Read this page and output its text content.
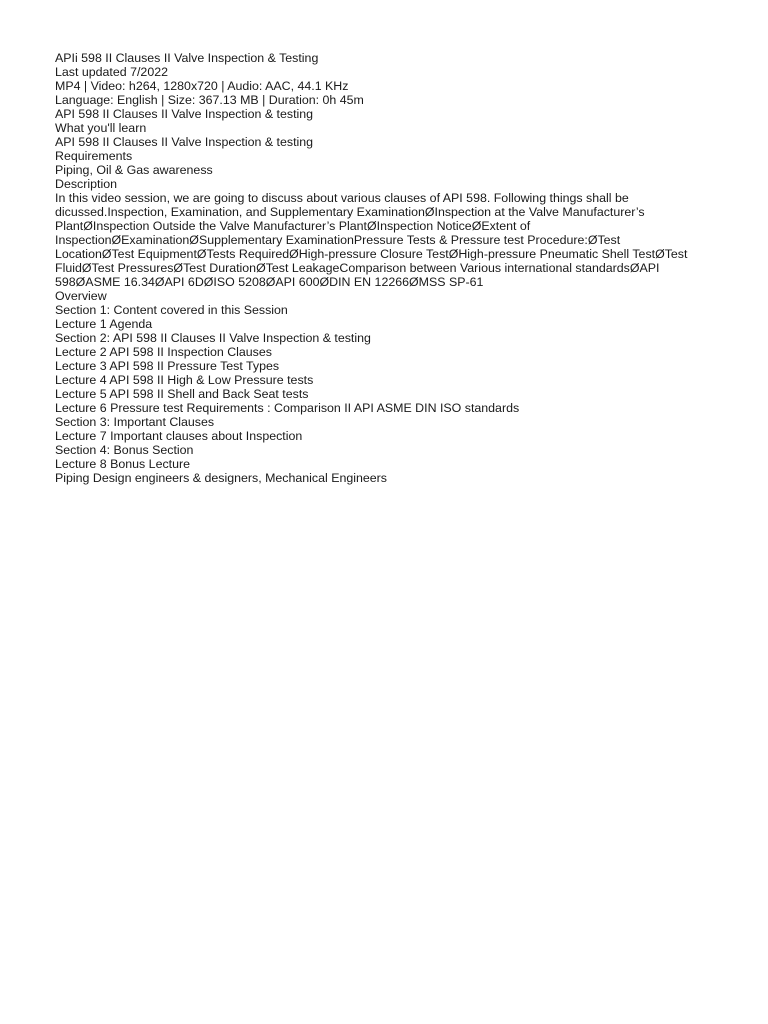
APIi 598 II Clauses II Valve Inspection & Testing
Last updated 7/2022
MP4 | Video: h264, 1280x720 | Audio: AAC, 44.1 KHz
Language: English | Size: 367.13 MB | Duration: 0h 45m
API 598 II Clauses II Valve Inspection & testing
What you'll learn
API 598 II Clauses II Valve Inspection & testing
Requirements
Piping, Oil & Gas awareness
Description
In this video session, we are going to discuss about various clauses of API 598. Following things shall be
dicussed.Inspection, Examination, and Supplementary ExaminationØInspection at the Valve Manufacturer’s
PlantØInspection Outside the Valve Manufacturer’s PlantØInspection NoticeØExtent of
InspectionØExaminationØSupplementary ExaminationPressure Tests & Pressure test Procedure:ØTest
LocationØTest EquipmentØTests RequiredØHigh-pressure Closure TestØHigh-pressure Pneumatic Shell TestØTest
FluidØTest PressuresØTest DurationØTest LeakageComparison between Various international standardsØAPI
598ØASME 16.34ØAPI 6DØISO 5208ØAPI 600ØDIN EN 12266ØMSS SP-61
Overview
Section 1: Content covered in this Session
Lecture 1 Agenda
Section 2: API 598 II Clauses II Valve Inspection & testing
Lecture 2 API 598 II Inspection Clauses
Lecture 3 API 598 II Pressure Test Types
Lecture 4 API 598 II High & Low Pressure tests
Lecture 5 API 598 II Shell and Back Seat tests
Lecture 6 Pressure test Requirements : Comparison II API ASME DIN ISO standards
Section 3: Important Clauses
Lecture 7 Important clauses about Inspection
Section 4: Bonus Section
Lecture 8 Bonus Lecture
Piping Design engineers & designers, Mechanical Engineers
